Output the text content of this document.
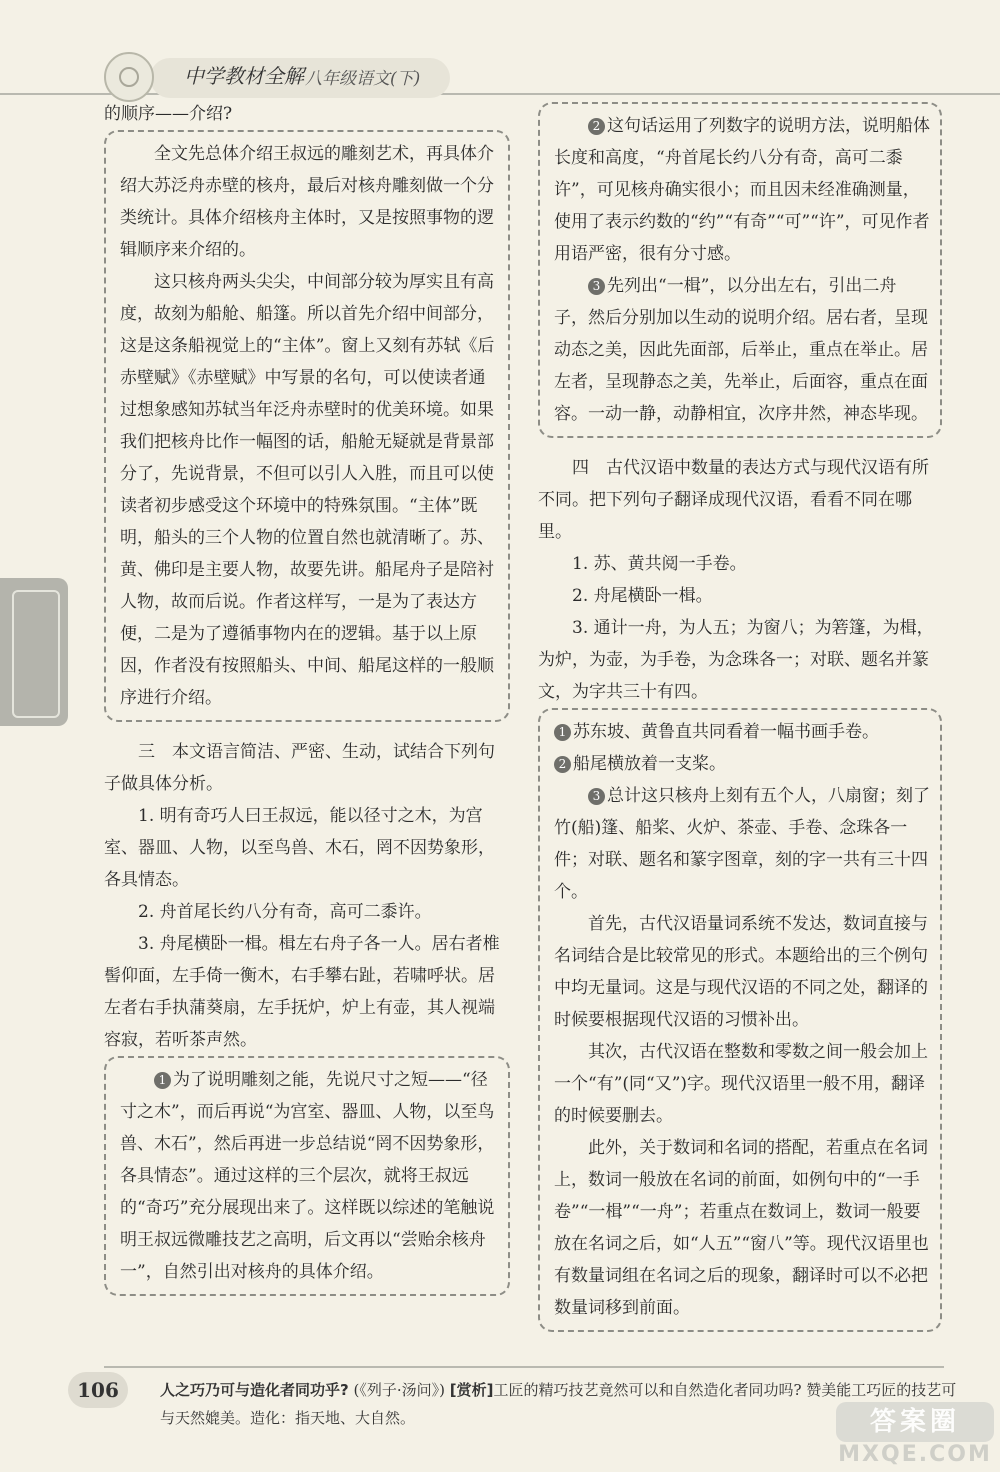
中学教材全解 八年级语文(下)

的顺序——介绍?

全文先总体介绍王叔远的雕刻艺术，再具体介绍大苏泛舟赤壁的核舟，最后对核舟雕刻做一个分类统计。具体介绍核舟主体时，又是按照事物的逻辑顺序来介绍的。

这只核舟两头尖尖，中间部分较为厚实且有高度，故刻为船舱、船篷。所以首先介绍中间部分，这是这条船视觉上的“主体”。窗上又刻有苏轼《后赤壁赋》《赤壁赋》中写景的名句，可以使读者通过想象感知苏轼当年泛舟赤壁时的优美环境。如果我们把核舟比作一幅图的话，船舱无疑就是背景部分了，先说背景，不但可以引人入胜，而且可以使读者初步感受这个环境中的特殊氛围。“主体”既明，船头的三个人物的位置自然也就清晰了。苏、黄、佛印是主要人物，故要先讲。船尾舟子是陪衬人物，故而后说。作者这样写，一是为了表达方便，二是为了遵循事物内在的逻辑。基于以上原因，作者没有按照船头、中间、船尾这样的一般顺序进行介绍。

三　本文语言简洁、严密、生动，试结合下列句子做具体分析。

1. 明有奇巧人曰王叔远，能以径寸之木，为宫室、器皿、人物，以至鸟兽、木石，罔不因势象形，各具情态。

2. 舟首尾长约八分有奇，高可二黍许。

3. 舟尾横卧一楫。楫左右舟子各一人。居右者椎髻仰面，左手倚一衡木，右手攀右趾，若啸呼状。居左者右手执蒲葵扇，左手抚炉，炉上有壶，其人视端容寂，若听茶声然。

1 为了说明雕刻之能，先说尺寸之短——“径寸之木”，而后再说“为宫室、器皿、人物，以至鸟兽、木石”，然后再进一步总结说“罔不因势象形，各具情态”。通过这样的三个层次，就将王叔远的“奇巧”充分展现出来了。这样既以综述的笔触说明王叔远微雕技艺之高明，后文再以“尝贻余核舟一”，自然引出对核舟的具体介绍。

2 这句话运用了列数字的说明方法，说明船体长度和高度，“舟首尾长约八分有奇，高可二黍许”，可见核舟确实很小；而且因未经准确测量，使用了表示约数的“约”“有奇”“可”“许”，可见作者用语严密，很有分寸感。

3 先列出“一楫”，以分出左右，引出二舟子，然后分别加以生动的说明介绍。居右者，呈现动态之美，因此先面部，后举止，重点在举止。居左者，呈现静态之美，先举止，后面容，重点在面容。一动一静，动静相宜，次序井然，神态毕现。

四　古代汉语中数量的表达方式与现代汉语有所不同。把下列句子翻译成现代汉语，看看不同在哪里。

1. 苏、黄共阅一手卷。

2. 舟尾横卧一楫。

3. 通计一舟，为人五；为窗八；为箬篷，为楫，为炉，为壶，为手卷，为念珠各一；对联、题名并篆文，为字共三十有四。

1 苏东坡、黄鲁直共同看着一幅书画手卷。

2 船尾横放着一支桨。

3 总计这只核舟上刻有五个人，八扇窗；刻了竹(船)篷、船桨、火炉、茶壶、手卷、念珠各一件；对联、题名和篆字图章，刻的字一共有三十四个。

首先，古代汉语量词系统不发达，数词直接与名词结合是比较常见的形式。本题给出的三个例句中均无量词。这是与现代汉语的不同之处，翻译的时候要根据现代汉语的习惯补出。

其次，古代汉语在整数和零数之间一般会加上一个“有”(同“又”)字。现代汉语里一般不用，翻译的时候要删去。

此外，关于数词和名词的搭配，若重点在名词上，数词一般放在名词的前面，如例句中的“一手卷”“一楫”“一舟”；若重点在数词上，数词一般要放在名词之后，如“人五”“窗八”等。现代汉语里也有数量词组在名词之后的现象，翻译时可以不必把数量词移到前面。

106	人之巧乃可与造化者同功乎? (《列子·汤问》) [赏析]工匠的精巧技艺竟然可以和自然造化者同功吗? 赞美能工巧匠的技艺可与天然媲美。造化：指天地、大自然。	答案圈
MXQE.COM
